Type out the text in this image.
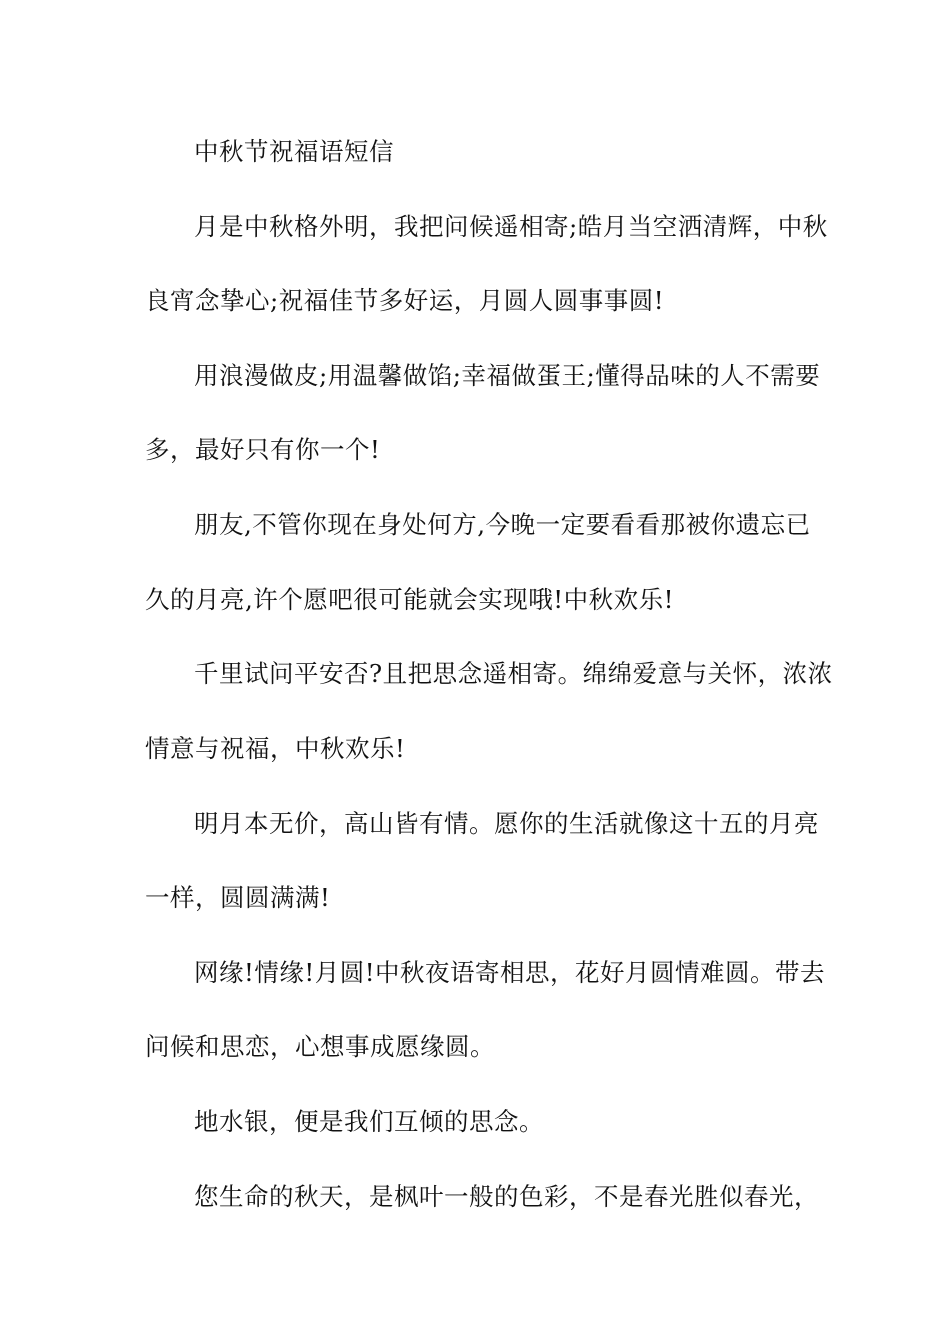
中秋节祝福语短信
月是中秋格外明，我把问候遥相寄;皓月当空洒清辉，中秋
良宵念挚心;祝福佳节多好运，月圆人圆事事圆!
用浪漫做皮;用温馨做馅;幸福做蛋王;懂得品味的人不需要
多，最好只有你一个!
朋友,不管你现在身处何方,今晚一定要看看那被你遗忘已
久的月亮,许个愿吧很可能就会实现哦!中秋欢乐!
千里试问平安否?且把思念遥相寄。绵绵爱意与关怀，浓浓
情意与祝福，中秋欢乐!
明月本无价，高山皆有情。愿你的生活就像这十五的月亮
一样，圆圆满满!
网缘!情缘!月圆!中秋夜语寄相思，花好月圆情难圆。带去
问候和思恋，心想事成愿缘圆。
地水银，便是我们互倾的思念。
您生命的秋天，是枫叶一般的色彩，不是春光胜似春光，
